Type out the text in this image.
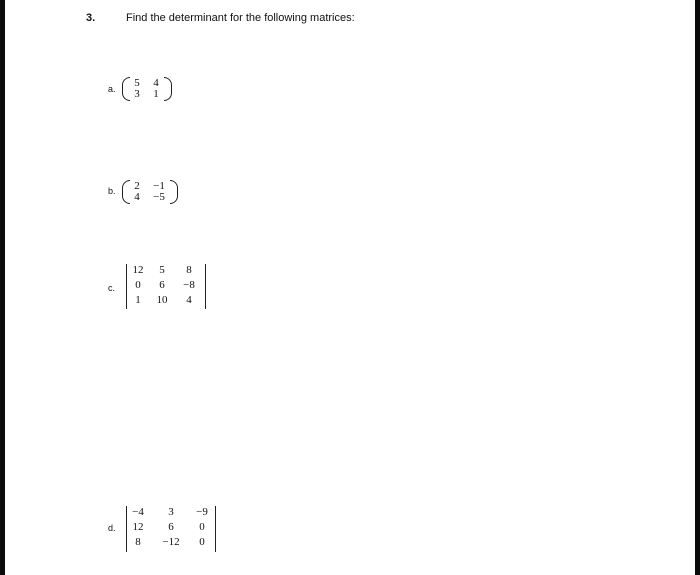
3.	Find the determinant for the following matrices:
a. 5 4
3 1
b. 2	−1
4	−5
c.
12	5	8
0	6	−8
1	10	4
d.
−4	3	−9
12	6	0
8	−12	0
